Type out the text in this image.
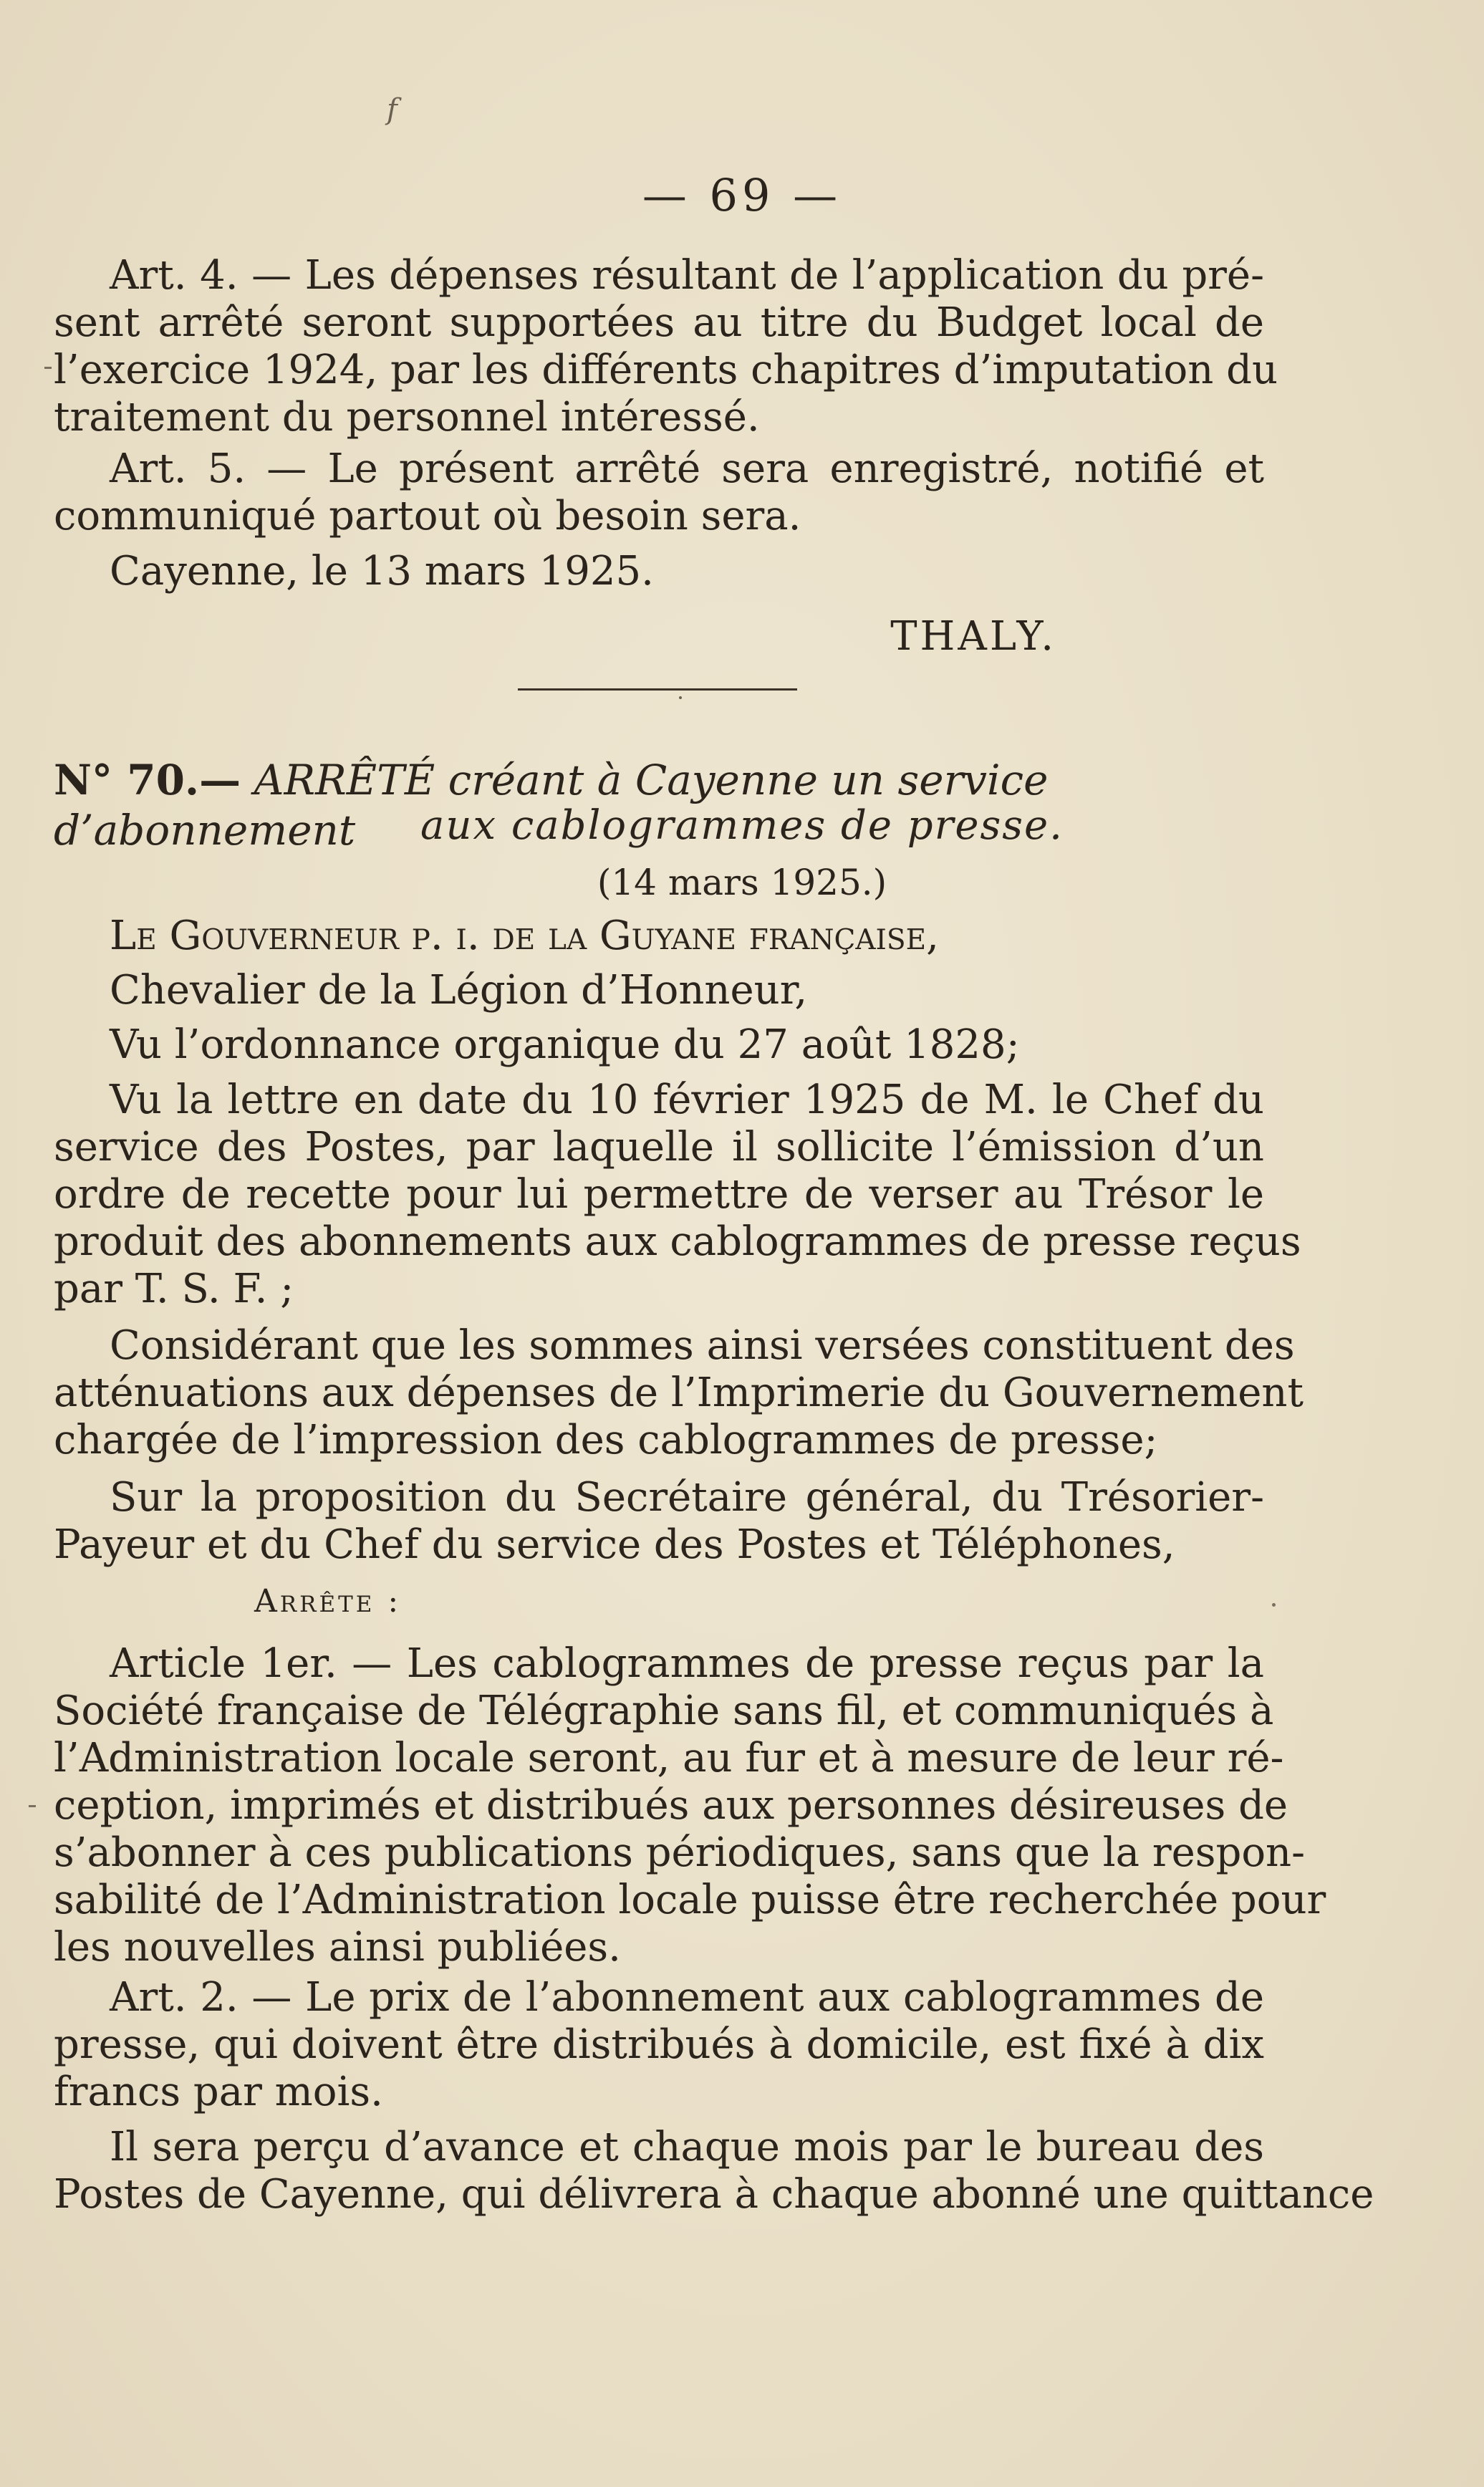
f
— 69 —
Art. 4. — Les dépenses résultant de l’application du pré-
sent arrêté seront supportées au titre du Budget local de
l’exercice 1924, par les différents chapitres d’imputation du
traitement du personnel intéressé.
Art. 5. — Le présent arrêté sera enregistré, notifié et
communiqué partout où besoin sera.
Cayenne, le 13 mars 1925.
THALY.
N° 70.— ARRÊTÉ créant à Cayenne un service d’abonnement	aux cablogrammes de presse.
(14 mars 1925.)
Le Gouverneur p. i. de la Guyane française,
Chevalier de la Légion d’Honneur,
Vu l’ordonnance organique du 27 août 1828;
Vu la lettre en date du 10 février 1925 de M. le Chef du
service des Postes, par laquelle il sollicite l’émission d’un
ordre de recette pour lui permettre de verser au Trésor le
produit des abonnements aux cablogrammes de presse reçus
par T. S. F. ;
Considérant que les sommes ainsi versées constituent des
atténuations aux dépenses de l’Imprimerie du Gouvernement
chargée de l’impression des cablogrammes de presse;
Sur la proposition du Secrétaire général, du Trésorier-
Payeur et du Chef du service des Postes et Téléphones,
Arrête :
Article 1er. — Les cablogrammes de presse reçus par la
Société française de Télégraphie sans fil, et communiqués à
l’Administration locale seront, au fur et à mesure de leur ré-
ception, imprimés et distribués aux personnes désireuses de
s’abonner à ces publications périodiques, sans que la respon-
sabilité de l’Administration locale puisse être recherchée pour
les nouvelles ainsi publiées.
Art. 2. — Le prix de l’abonnement aux cablogrammes de
presse, qui doivent être distribués à domicile, est fixé à dix
francs par mois.
Il sera perçu d’avance et chaque mois par le bureau des
Postes de Cayenne, qui délivrera à chaque abonné une quittance
